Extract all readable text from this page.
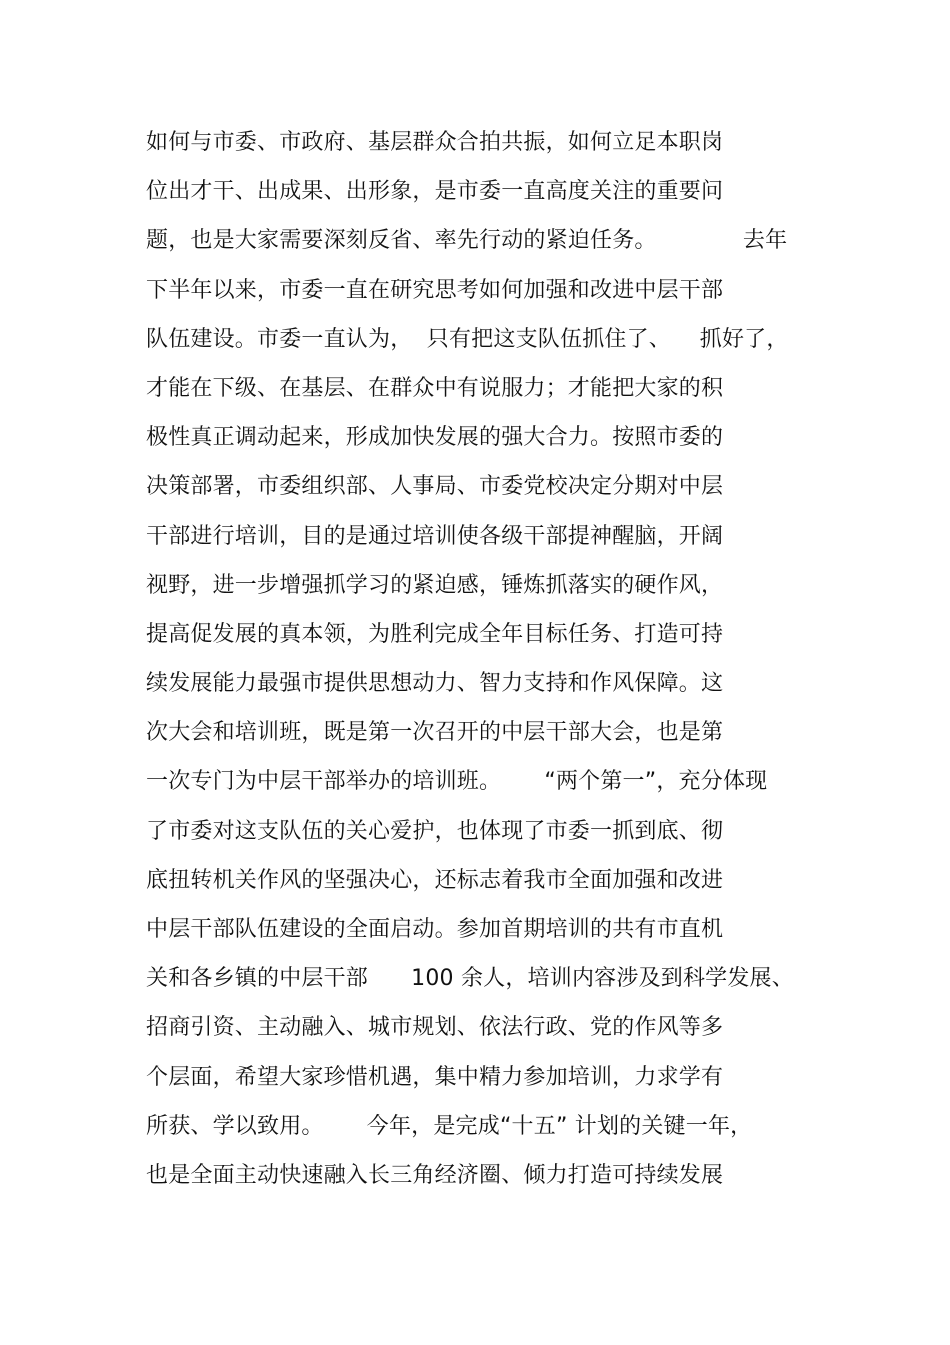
如何与市委、市政府、基层群众合拍共振，如何立足本职岗
位出才干、出成果、出形象，是市委一直高度关注的重要问
题，也是大家需要深刻反省、率先行动的紧迫任务。            去年
下半年以来，市委一直在研究思考如何加强和改进中层干部
队伍建设。市委一直认为，  只有把这支队伍抓住了、    抓好了，
才能在下级、在基层、在群众中有说服力；才能把大家的积
极性真正调动起来，形成加快发展的强大合力。按照市委的
决策部署，市委组织部、人事局、市委党校决定分期对中层
干部进行培训，目的是通过培训使各级干部提神醒脑，开阔
视野，进一步增强抓学习的紧迫感，锤炼抓落实的硬作风，
提高促发展的真本领，为胜利完成全年目标任务、打造可持
续发展能力最强市提供思想动力、智力支持和作风保障。这
次大会和培训班，既是第一次召开的中层干部大会，也是第
一次专门为中层干部举办的培训班。      “两个第一”，充分体现
了市委对这支队伍的关心爱护，也体现了市委一抓到底、彻
底扭转机关作风的坚强决心，还标志着我市全面加强和改进
中层干部队伍建设的全面启动。参加首期培训的共有市直机
关和各乡镇的中层干部      100 余人，培训内容涉及到科学发展、
招商引资、主动融入、城市规划、依法行政、党的作风等多
个层面，希望大家珍惜机遇，集中精力参加培训，力求学有
所获、学以致用。      今年，是完成“十五” 计划的关键一年，
也是全面主动快速融入长三角经济圈、倾力打造可持续发展
